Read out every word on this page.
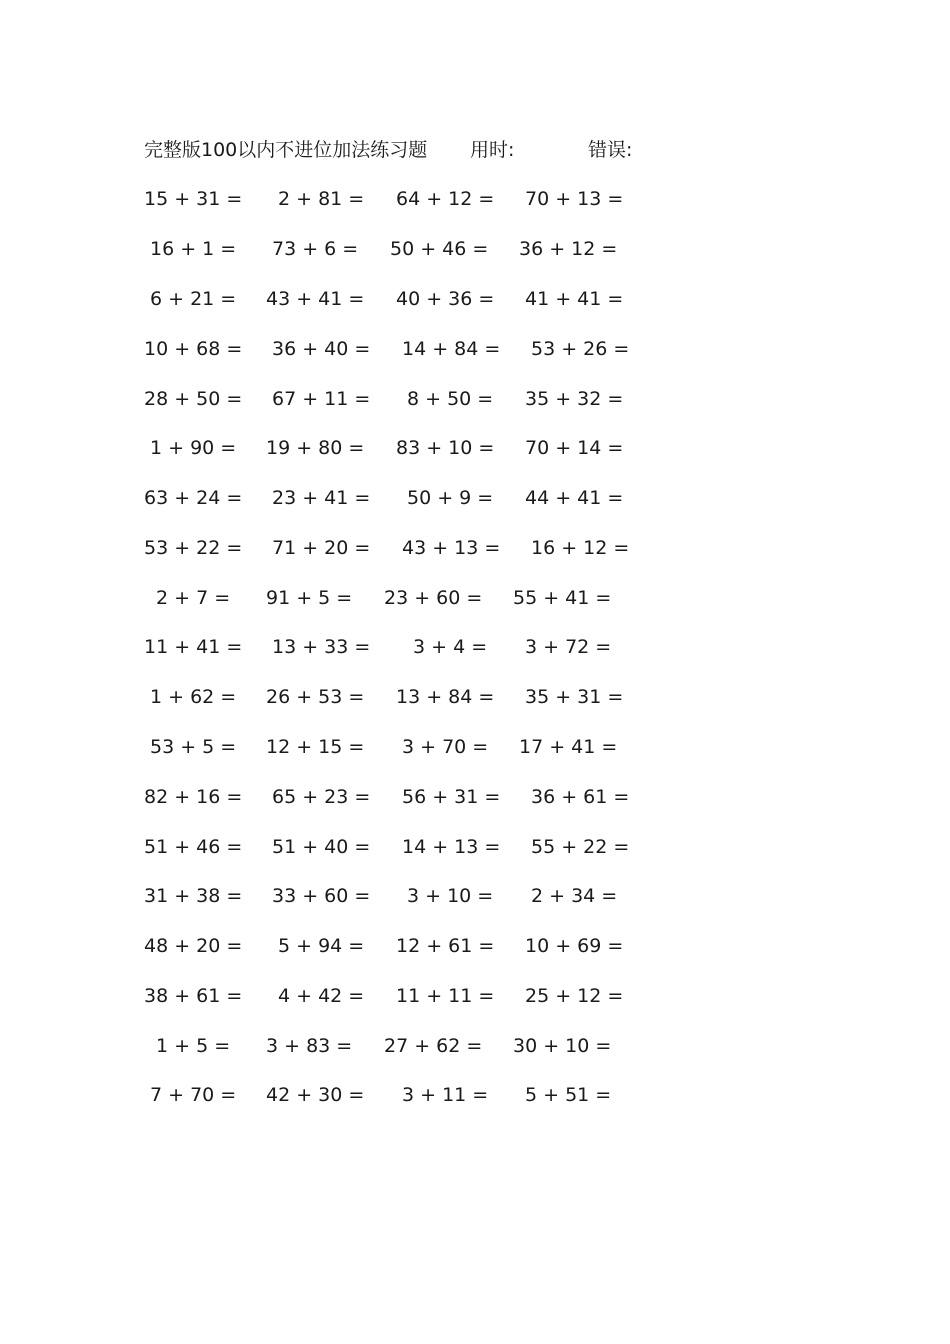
完整版100以内不进位加法练习题 用时:	错误:
15 + 31 = 2 + 81 = 64 + 12 = 70 + 13 =
16 + 1 = 73 + 6 = 50 + 46 = 36 + 12 =
6 + 21 = 43 + 41 = 40 + 36 = 41 + 41 =
10 + 68 = 36 + 40 = 14 + 84 = 53 + 26 =
28 + 50 = 67 + 11 = 8 + 50 = 35 + 32 =
1 + 90 = 19 + 80 = 83 + 10 = 70 + 14 =
63 + 24 = 23 + 41 = 50 + 9 = 44 + 41 =
53 + 22 = 71 + 20 = 43 + 13 = 16 + 12 =
2 + 7 = 91 + 5 = 23 + 60 = 55 + 41 =
11 + 41 = 13 + 33 = 3 + 4 = 3 + 72 =
1 + 62 = 26 + 53 = 13 + 84 = 35 + 31 =
53 + 5 = 12 + 15 = 3 + 70 = 17 + 41 =
82 + 16 = 65 + 23 = 56 + 31 = 36 + 61 =
51 + 46 = 51 + 40 = 14 + 13 = 55 + 22 =
31 + 38 = 33 + 60 = 3 + 10 = 2 + 34 =
48 + 20 = 5 + 94 = 12 + 61 = 10 + 69 =
38 + 61 = 4 + 42 = 11 + 11 = 25 + 12 =
1 + 5 = 3 + 83 = 27 + 62 = 30 + 10 =
7 + 70 = 42 + 30 = 3 + 11 = 5 + 51 =
